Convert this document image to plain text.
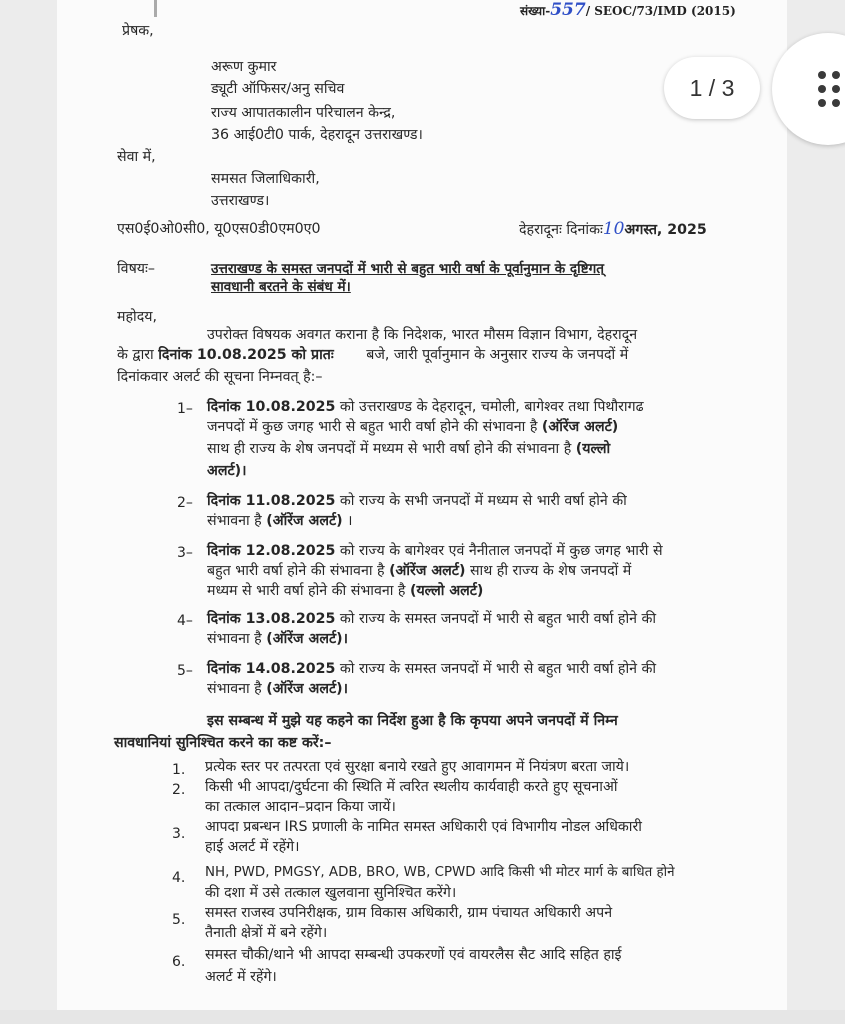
संख्या-557/ SEOC/73/IMD (2015)
प्रेषक,
अरूण कुमार
ड्यूटी ऑफिसर/अनु सचिव
राज्य आपातकालीन परिचालन केन्द्र,
36 आई0टी0 पार्क, देहरादून उत्तराखण्ड।
सेवा में,
समसत जिलाधिकारी,
उत्तराखण्ड।
एस0ई0ओ0सी0, यू0एस0डी0एम0ए0	देहरादूनः दिनांकः10अगस्त, 2025
विषयः–	उत्तराखण्ड के समस्त जनपदों में भारी से बहुत भारी वर्षा के पूर्वानुमान के दृष्टिगत्
सावधानी बरतने के संबंध में।
महोदय,
उपरोक्त विषयक अवगत कराना है कि निदेशक, भारत मौसम विज्ञान विभाग, देहरादून
के द्वारा दिनांक 10.08.2025 को प्रातः बजे, जारी पूर्वानुमान के अनुसार राज्य के जनपदों में
दिनांकवार अलर्ट की सूचना निम्नवत् है:–
1– दिनांक 10.08.2025 को उत्तराखण्ड के देहरादून, चमोली, बागेश्वर तथा पिथौरागढ
जनपदों में कुछ जगह भारी से बहुत भारी वर्षा होने की संभावना है (ऑरेंज अलर्ट)
साथ ही राज्य के शेष जनपदों में मध्यम से भारी वर्षा होने की संभावना है (यल्लो
अलर्ट)।
2– दिनांक 11.08.2025 को राज्य के सभी जनपदों में मध्यम से भारी वर्षा होने की
संभावना है (ऑरेंज अलर्ट) ।
3– दिनांक 12.08.2025 को राज्य के बागेश्वर एवं नैनीताल जनपदों में कुछ जगह भारी से
बहुत भारी वर्षा होने की संभावना है (ऑरेंज अलर्ट) साथ ही राज्य के शेष जनपदों में
मध्यम से भारी वर्षा होने की संभावना है (यल्लो अलर्ट)
4– दिनांक 13.08.2025 को राज्य के समस्त जनपदों में भारी से बहुत भारी वर्षा होने की
संभावना है (ऑरेंज अलर्ट)।
5– दिनांक 14.08.2025 को राज्य के समस्त जनपदों में भारी से बहुत भारी वर्षा होने की
संभावना है (ऑरेंज अलर्ट)।
इस सम्बन्ध में मुझे यह कहने का निर्देश हुआ है कि कृपया अपने जनपदों में निम्न
सावधानियां सुनिश्चित करने का कष्ट करें:–
1. प्रत्येक स्तर पर तत्परता एवं सुरक्षा बनाये रखते हुए आवागमन में नियंत्रण बरता जाये।
2. किसी भी आपदा/दुर्घटना की स्थिति में त्वरित स्थलीय कार्यवाही करते हुए सूचनाओं
का तत्काल आदान–प्रदान किया जायें।
3. आपदा प्रबन्धन IRS प्रणाली के नामित समस्त अधिकारी एवं विभागीय नोडल अधिकारी
हाई अलर्ट में रहेंगे।
4. NH, PWD, PMGSY, ADB, BRO, WB, CPWD आदि किसी भी मोटर मार्ग के बाधित होने
की दशा में उसे तत्काल खुलवाना सुनिश्चित करेंगे।
5. समस्त राजस्व उपनिरीक्षक, ग्राम विकास अधिकारी, ग्राम पंचायत अधिकारी अपने
तैनाती क्षेत्रों में बने रहेंगे।
6. समस्त चौकी/थाने भी आपदा सम्बन्धी उपकरणों एवं वायरलैस सैट आदि सहित हाई
अलर्ट में रहेंगे।
1 / 3
